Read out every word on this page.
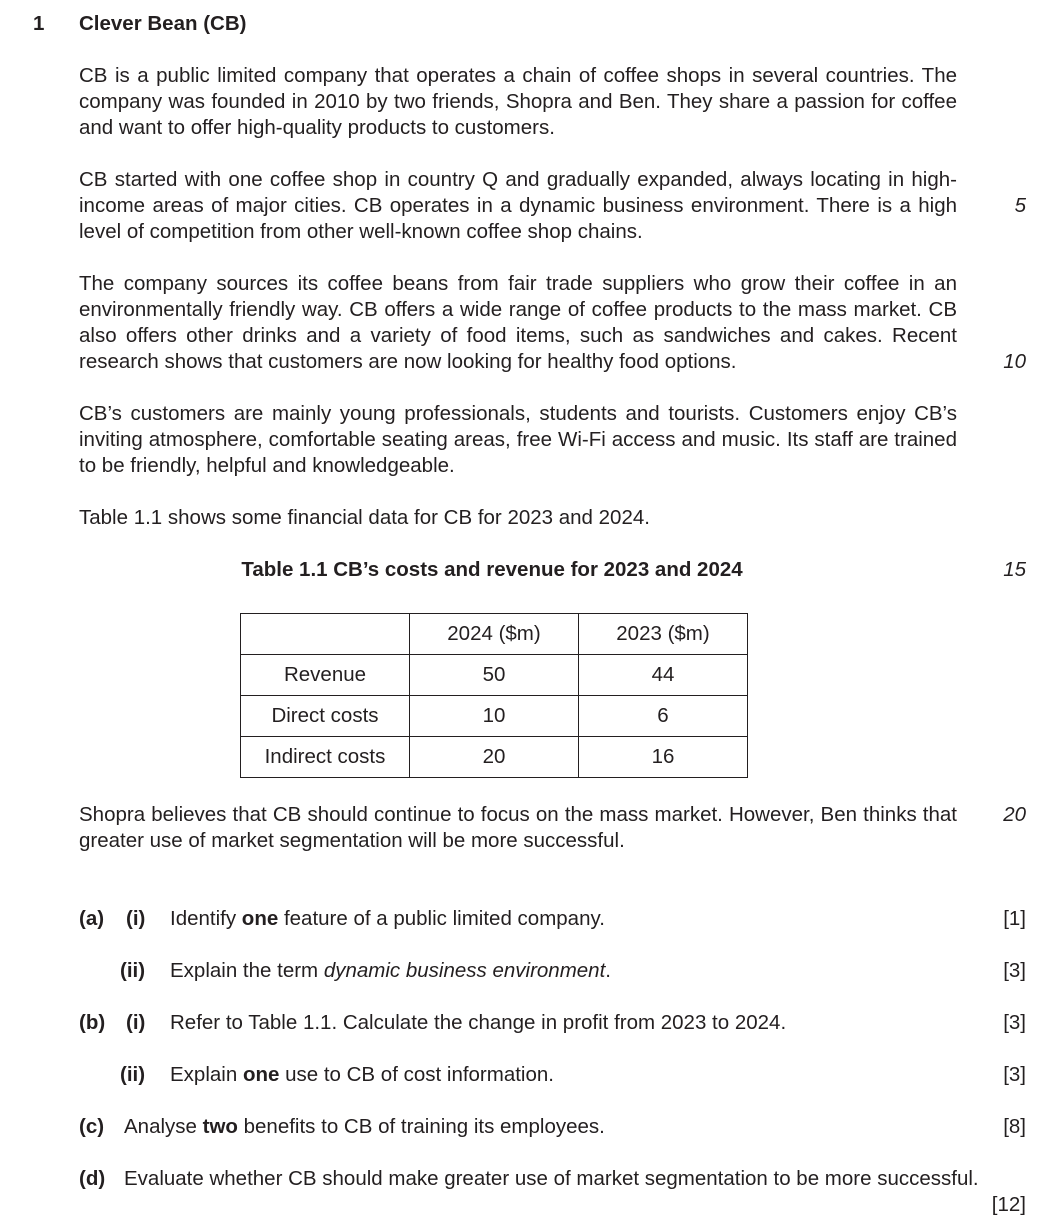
1 Clever Bean (CB)
CB is a public limited company that operates a chain of coffee shops in several countries. The company was founded in 2010 by two friends, Shopra and Ben. They share a passion for coffee and want to offer high-quality products to customers.
CB started with one coffee shop in country Q and gradually expanded, always locating in high-income areas of major cities. CB operates in a dynamic business environment. There is a high level of competition from other well-known coffee shop chains.
The company sources its coffee beans from fair trade suppliers who grow their coffee in an environmentally friendly way. CB offers a wide range of coffee products to the mass market. CB also offers other drinks and a variety of food items, such as sandwiches and cakes. Recent research shows that customers are now looking for healthy food options.
CB’s customers are mainly young professionals, students and tourists. Customers enjoy CB’s inviting atmosphere, comfortable seating areas, free Wi-Fi access and music. Its staff are trained to be friendly, helpful and knowledgeable.
Table 1.1 shows some financial data for CB for 2023 and 2024.
5
10
15
20
Table 1.1 CB’s costs and revenue for 2023 and 2024
	2024 ($m)	2023 ($m)
Revenue	50	44
Direct costs	10	6
Indirect costs	20	16
Shopra believes that CB should continue to focus on the mass market. However, Ben thinks that greater use of market segmentation will be more successful.
(a) (i) Identify one feature of a public limited company.	[1]
(ii) Explain the term dynamic business environment.	[3]
(b) (i) Refer to Table 1.1. Calculate the change in profit from 2023 to 2024.	[3]
(ii) Explain one use to CB of cost information.	[3]
(c) Analyse two benefits to CB of training its employees.	[8]
(d) Evaluate whether CB should make greater use of market segmentation to be more successful.
[12]
